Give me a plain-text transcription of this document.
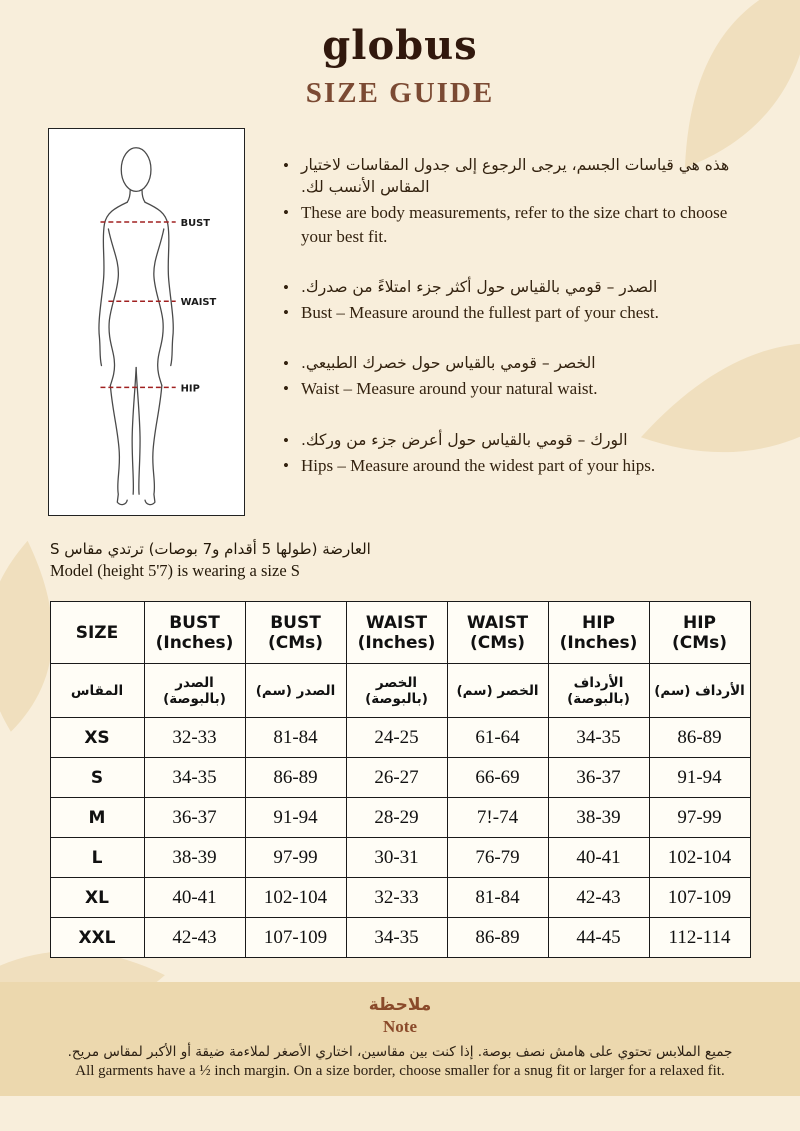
globus
SIZE GUIDE
BUST
WAIST
HIP
• هذه هي قياسات الجسم، يرجى الرجوع إلى جدول المقاسات لاختيار المقاس الأنسب لك.
• These are body measurements, refer to the size chart to choose your best fit.
• الصدر – قومي بالقياس حول أكثر جزء امتلاءً من صدرك.
• Bust – Measure around the fullest part of your chest.
• الخصر – قومي بالقياس حول خصرك الطبيعي.
• Waist – Measure around your natural waist.
• الورك – قومي بالقياس حول أعرض جزء من وركك.
• Hips – Measure around the widest part of your hips.
العارضة (طولها 5 أقدام و7 بوصات) ترتدي مقاس S
Model (height 5'7) is wearing a size S
SIZE	BUST (Inches)	BUST (CMs)	WAIST (Inches)	WAIST (CMs)	HIP (Inches)	HIP (CMs)
المقاس	الصدر (بالبوصة)	الصدر (سم)	الخصر (بالبوصة)	الخصر (سم)	الأرداف (بالبوصة)	الأرداف (سم)
XS	32-33	81-84	24-25	61-64	34-35	86-89
S	34-35	86-89	26-27	66-69	36-37	91-94
M	36-37	91-94	28-29	7!-74	38-39	97-99
L	38-39	97-99	30-31	76-79	40-41	102-104
XL	40-41	102-104	32-33	81-84	42-43	107-109
XXL	42-43	107-109	34-35	86-89	44-45	112-114
ملاحظة
Note
جميع الملابس تحتوي على هامش نصف بوصة. إذا كنت بين مقاسين، اختاري الأصغر لملاءمة ضيقة أو الأكبر لمقاس مريح.
All garments have a ½ inch margin. On a size border, choose smaller for a snug fit or larger for a relaxed fit.
